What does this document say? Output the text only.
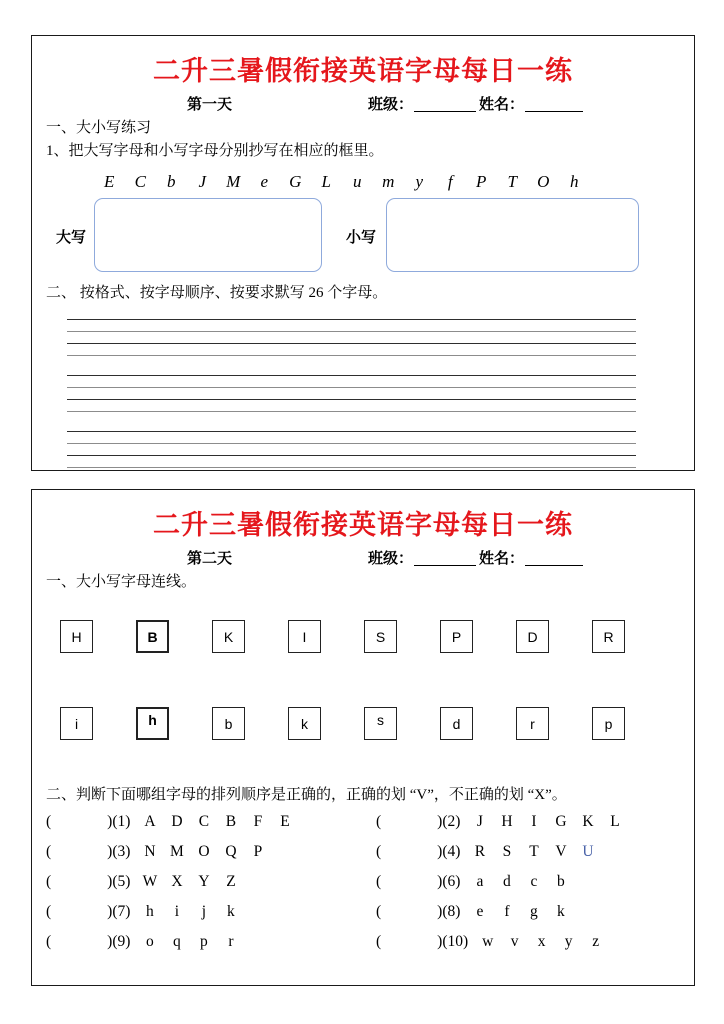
二升三暑假衔接英语字母每日一练
第一天	班级：	姓名：
一、大小写练习
1、把大写字母和小写字母分别抄写在相应的框里。
E C b J M e G L u m y f P T O h
大写	小写
二、 按格式、按字母顺序、按要求默写 26 个字母。
二升三暑假衔接英语字母每日一练
第二天	班级：	姓名：
一、大小写字母连线。
H	B	K	I	S	P	D	R
i	h	b	k	s	d	r	p
二、判断下面哪组字母的排列顺序是正确的，正确的划 “V”，不正确的划 “X”。
(	)(1) A D C B F E	(	)(2) J H I G K L
(	)(3) N M O Q P	(	)(4) R S T V U
(	)(5) W X Y Z	(	)(6) a d c b
(	)(7) h i j k	(	)(8) e f g k
(	)(9) o q p r	(	)(10) w v x y z
